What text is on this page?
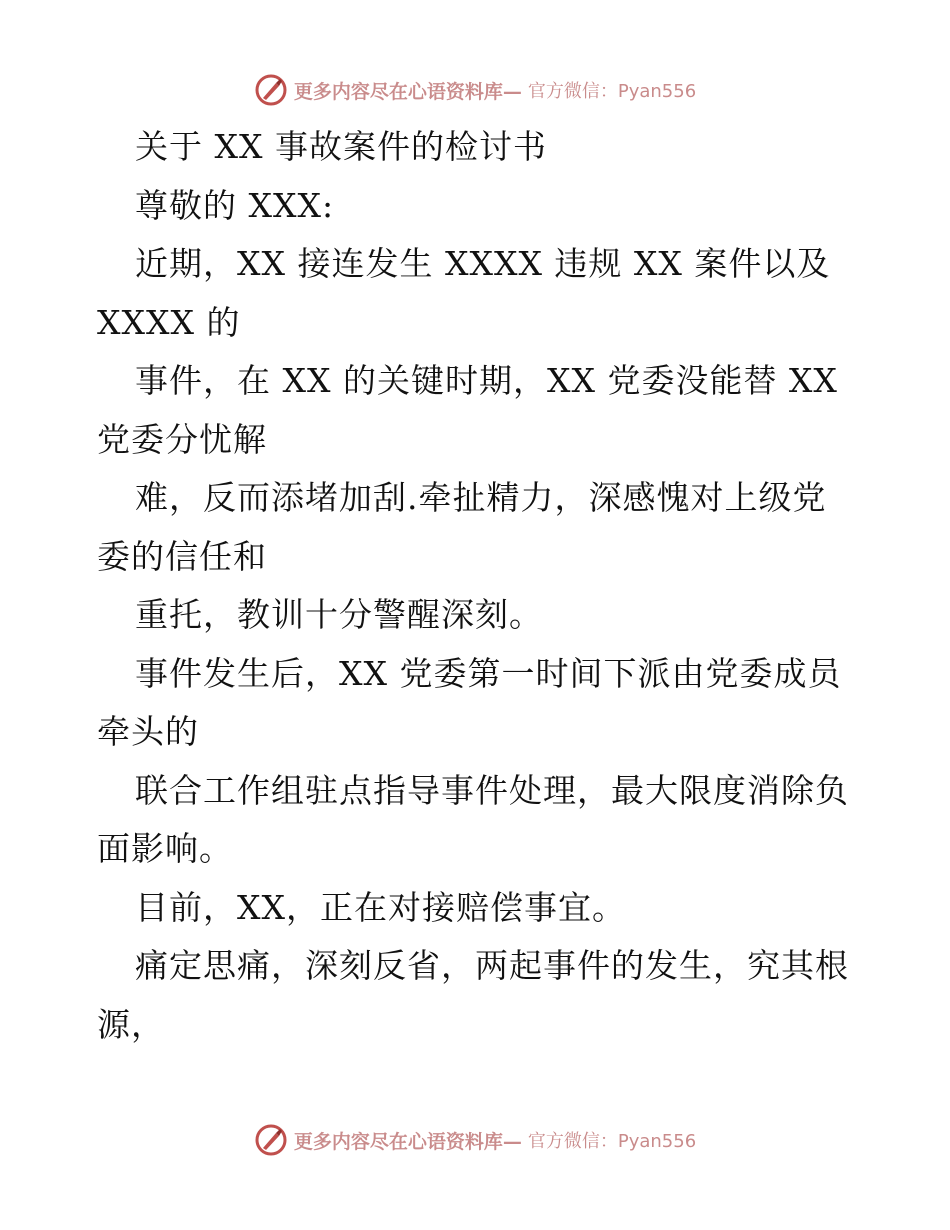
更多内容尽在心语资料库— 官方微信：Pyan556
关于 XX 事故案件的检讨书
尊敬的 XXX:
近期，XX 接连发生 XXXX 违规 XX 案件以及
XXXX 的
事件，在 XX 的关键时期，XX 党委没能替 XX
党委分忧解
难，反而添堵加刮.牵扯精力，深感愧对上级党
委的信任和
重托，教训十分警醒深刻。
事件发生后，XX 党委第一时间下派由党委成员
牵头的
联合工作组驻点指导事件处理，最大限度消除负
面影响。
目前，XX，正在对接赔偿事宜。
痛定思痛，深刻反省，两起事件的发生，究其根
源，
更多内容尽在心语资料库— 官方微信：Pyan556
